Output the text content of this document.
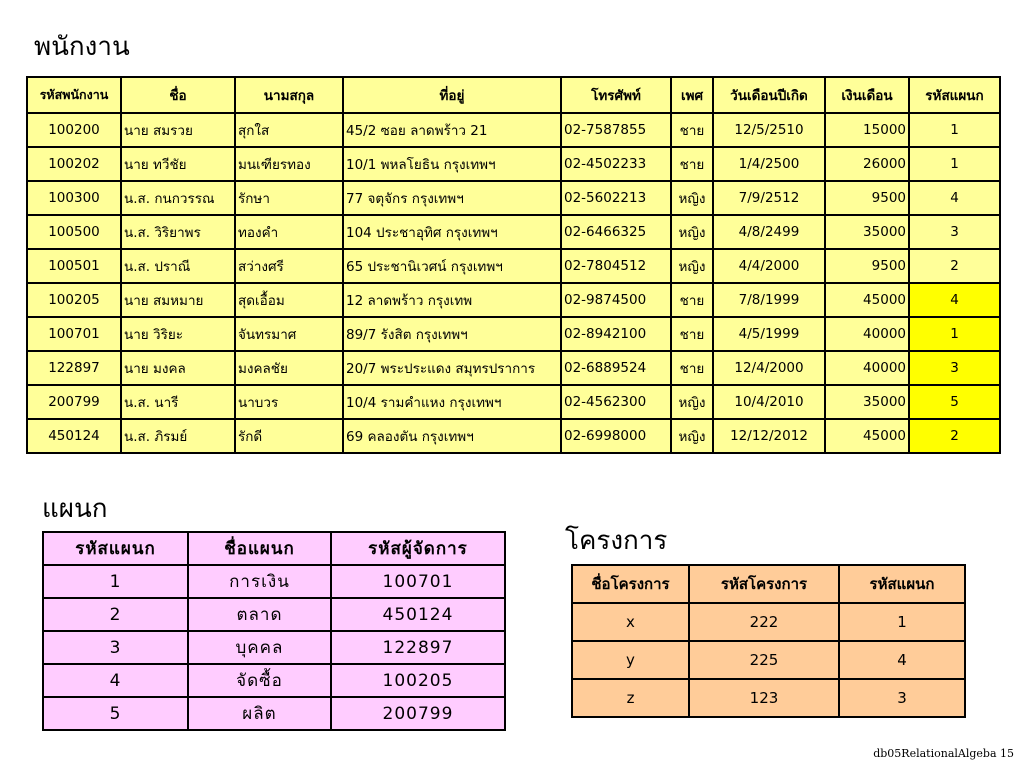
พนักงาน
รหัสพนักงาน	ชื่อ	นามสกุล	ที่อยู่	โทรศัพท์	เพศ	วันเดือนปีเกิด	เงินเดือน	รหัสแผนก
100200	นาย สมรวย	สุกใส	45/2 ซอย ลาดพร้าว 21	02-7587855	ชาย	12/5/2510	15000	1
100202	นาย ทวีชัย	มนเฑียรทอง	10/1 พหลโยธิน กรุงเทพฯ	02-4502233	ชาย	1/4/2500	26000	1
100300	น.ส. กนกวรรณ	รักษา	77 จตุจักร กรุงเทพฯ	02-5602213	หญิง	7/9/2512	9500	4
100500	น.ส. วิริยาพร	ทองคำ	104 ประชาอุทิศ กรุงเทพฯ	02-6466325	หญิง	4/8/2499	35000	3
100501	น.ส. ปราณี	สว่างศรี	65 ประชานิเวศน์ กรุงเทพฯ	02-7804512	หญิง	4/4/2000	9500	2
100205	นาย สมหมาย	สุดเอื้อม	12 ลาดพร้าว กรุงเทพ	02-9874500	ชาย	7/8/1999	45000	4
100701	นาย วิริยะ	จันทรมาศ	89/7 รังสิต กรุงเทพฯ	02-8942100	ชาย	4/5/1999	40000	1
122897	นาย มงคล	มงคลชัย	20/7 พระประแดง สมุทรปราการ	02-6889524	ชาย	12/4/2000	40000	3
200799	น.ส. นารี	นาบวร	10/4 รามคำแหง กรุงเทพฯ	02-4562300	หญิง	10/4/2010	35000	5
450124	น.ส. ภิรมย์	รักดี	69 คลองตัน กรุงเทพฯ	02-6998000	หญิง	12/12/2012	45000	2
แผนก
รหัสแผนก	ชื่อแผนก	รหัสผู้จัดการ
1	การเงิน	100701
2	ตลาด	450124
3	บุคคล	122897
4	จัดซื้อ	100205
5	ผลิต	200799
โครงการ
ชื่อโครงการ	รหัสโครงการ	รหัสแผนก
x	222	1
y	225	4
z	123	3
db05RelationalAlgeba 15
